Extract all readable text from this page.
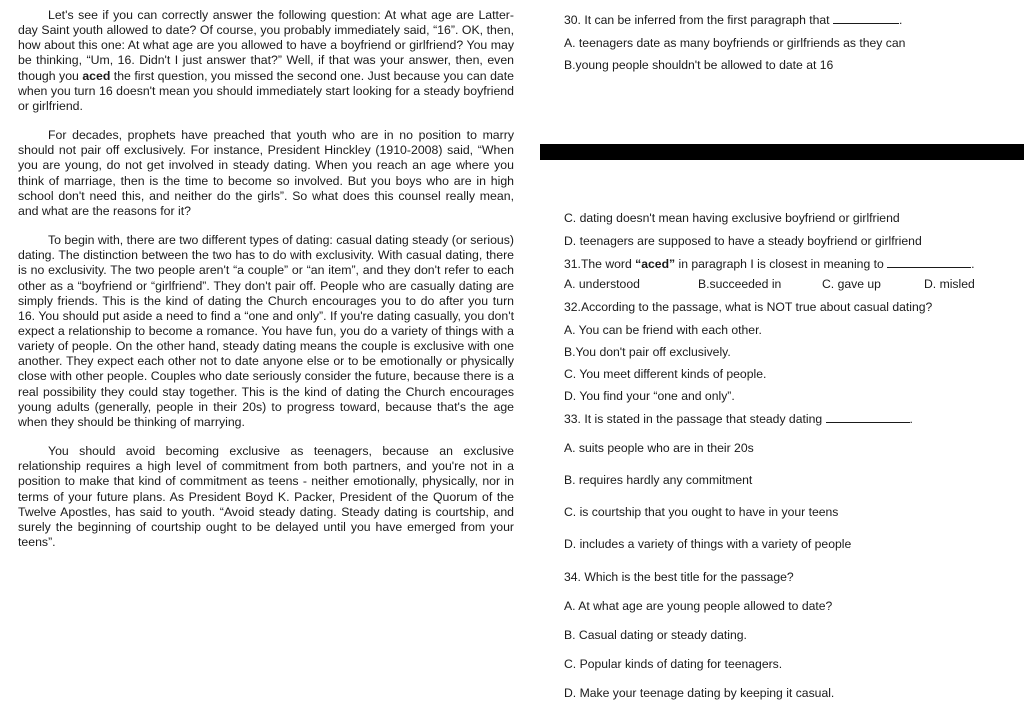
Let's see if you can correctly answer the following question: At what age are Latter-day Saint youth allowed to date? Of course, you probably immediately said, “16”. OK, then, how about this one: At what age are you allowed to have a boyfriend or girlfriend? You may be thinking, “Um, 16. Didn't I just answer that?” Well, if that was your answer, then, even though you aced the first question, you missed the second one. Just because you can date when you turn 16 doesn't mean you should immediately start looking for a steady boyfriend or girlfriend.

For decades, prophets have preached that youth who are in no position to marry should not pair off exclusively. For instance, President Hinckley (1910-2008) said, “When you are young, do not get involved in steady dating. When you reach an age where you think of marriage, then is the time to become so involved. But you boys who are in high school don't need this, and neither do the girls”. So what does this counsel really mean, and what are the reasons for it?

To begin with, there are two different types of dating: casual dating steady (or serious) dating. The distinction between the two has to do with exclusivity. With casual dating, there is no exclusivity. The two people aren't “a couple” or “an item”, and they don't refer to each other as a “boyfriend or “girlfriend”. They don't pair off. People who are casually dating are simply friends. This is the kind of dating the Church encourages you to do after you turn 16. You should put aside a need to find a “one and only”. If you're dating casually, you don't expect a relationship to become a romance. You have fun, you do a variety of things with a variety of people. On the other hand, steady dating means the couple is exclusive with one another. They expect each other not to date anyone else or to be emotionally or physically close with other people. Couples who date seriously consider the future, because there is a real possibility they could stay together. This is the kind of dating the Church encourages young adults (generally, people in their 20s) to progress toward, because that's the age when they should be thinking of marrying.

You should avoid becoming exclusive as teenagers, because an exclusive relationship requires a high level of commitment from both partners, and you're not in a position to make that kind of commitment as teens - neither emotionally, physically, nor in terms of your future plans. As President Boyd K. Packer, President of the Quorum of the Twelve Apostles, has said to youth. “Avoid steady dating. Steady dating is courtship, and surely the beginning of courtship ought to be delayed until you have emerged from your teens”.

30. It can be inferred from the first paragraph that	.
A. teenagers date as many boyfriends or girlfriends as they can
B.young people shouldn't be allowed to date at 16
C. dating doesn't mean having exclusive boyfriend or girlfriend
D. teenagers are supposed to have a steady boyfriend or girlfriend
31.The word “aced” in paragraph I is closest in meaning to	.
A. understood	B.succeeded in	C. gave up	D. misled
32.According to the passage, what is NOT true about casual dating?
A. You can be friend with each other.
B.You don't pair off exclusively.
C. You meet different kinds of people.
D. You find your “one and only”.
33. It is stated in the passage that steady dating	.
A. suits people who are in their 20s
B. requires hardly any commitment
C. is courtship that you ought to have in your teens
D. includes a variety of things with a variety of people
34. Which is the best title for the passage?
A. At what age are young people allowed to date?
B. Casual dating or steady dating.
C. Popular kinds of dating for teenagers.
D. Make your teenage dating by keeping it casual.
